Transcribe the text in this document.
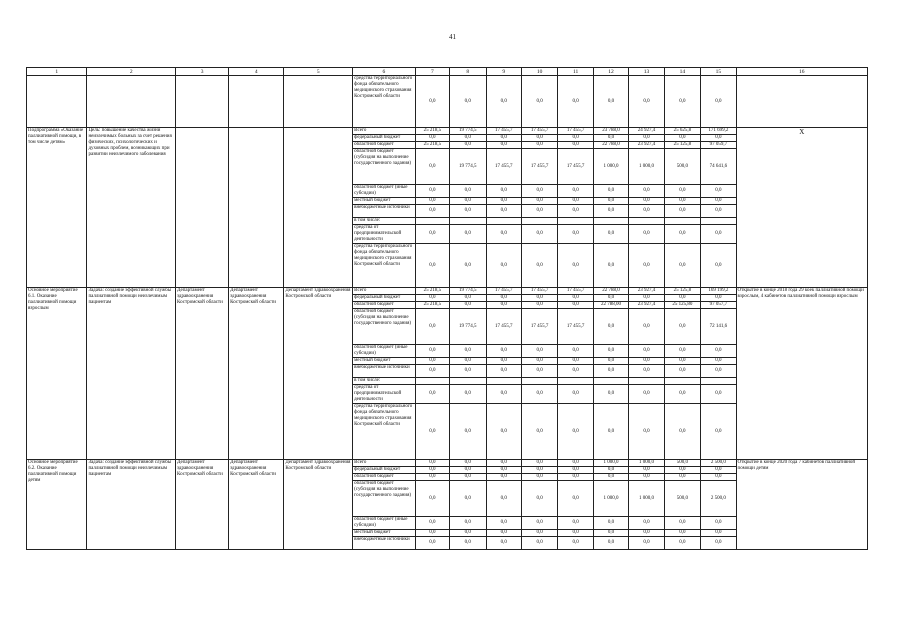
41
1	2	3	4	5	6	7	8	9	10	11	12	13	14	15	16
					средства территориального фонда обязательного медицинского страхования Костромской области	0,0	0,0	0,0	0,0	0,0	0,0	0,0	0,0	0,0	
Подпрограмма «Оказание паллиативной помощи, в том числе детям»	Цель: повышение качества жизни неизлечимых больных за счет решения физических, психологических и духовных проблем, возникающих при развитии неизлечимого заболевания				Всего	25 218,5	19 774,5	17 455,7	17 455,7	17 455,7	23 788,0	24 927,4	25 625,8	171 699,2	X
					федеральный бюджет	0,0	0,0	0,0	0,0	0,0	0,0	0,0	0,0	0,0	
					областной бюджет	25 218,5	0,0	0,0	0,0	0,0	22 788,0	23 927,4	25 125,8	97 059,7	
					областной бюджет (субсидия на выполнение государственного задания)	0,0	19 774,5	17 455,7	17 455,7	17 455,7	1 000,0	1 000,0	500,0	74 641,6	
					областной бюджет (иные субсидии)	0,0	0,0	0,0	0,0	0,0	0,0	0,0	0,0	0,0	
					местный бюджет	0,0	0,0	0,0	0,0	0,0	0,0	0,0	0,0	0,0	
					внебюджетные источники	0,0	0,0	0,0	0,0	0,0	0,0	0,0	0,0	0,0	
					в том числе:										
					средства от предпринимательской деятельности	0,0	0,0	0,0	0,0	0,0	0,0	0,0	0,0	0,0	
					средства территориального фонда обязательного медицинского страхования Костромской области	0,0	0,0	0,0	0,0	0,0	0,0	0,0	0,0	0,0	
Основное мероприятие 6.1. Оказание паллиативной помощи взрослым	Задача: создание эффективной службы паллиативной помощи неизлечимым пациентам	Департамент здравоохранения Костромской области	Департамент здравоохранения Костромской области	Департамент здравоохранения Костромской области	Всего	25 218,5	19 774,5	17 455,7	17 455,7	17 455,7	22 788,0	23 927,4	25 125,8	169 199,2	Открытие в конце 2018 года 29 коек паллиативной помощи взрослым, 4 кабинетов паллиативной помощи взрослым
					федеральный бюджет	0,0	0,0	0,0	0,0	0,0	0,0	0,0	0,0	0,0	
					областной бюджет	25 218,5	0,0	0,0	0,0	0,0	22 788,00	23 927,4	25 125,80	97 057,7	
					областной бюджет (субсидия на выполнение государственного задания)	0,0	19 774,5	17 455,7	17 455,7	17 455,7	0,0	0,0	0,0	72 141,6	
					областной бюджет (иные субсидии)	0,0	0,0	0,0	0,0	0,0	0,0	0,0	0,0	0,0	
					местный бюджет	0,0	0,0	0,0	0,0	0,0	0,0	0,0	0,0	0,0	
					внебюджетные источники	0,0	0,0	0,0	0,0	0,0	0,0	0,0	0,0	0,0	
					в том числе:										
					средства от предпринимательской деятельности	0,0	0,0	0,0	0,0	0,0	0,0	0,0	0,0	0,0	
					средства территориального фонда обязательного медицинского страхования Костромской области	0,0	0,0	0,0	0,0	0,0	0,0	0,0	0,0	0,0	
Основное мероприятие 6.2. Оказание паллиативной помощи детям	Задача: создание эффективной службы паллиативной помощи неизлечимым пациентам	Департамент здравоохранения Костромской области	Департамент здравоохранения Костромской области	Департамент здравоохранения Костромской области	Всего	0,0	0,0	0,0	0,0	0,0	1 000,0	1 000,0	500,0	2 500,0	Открытие в конце 2020 года 7 кабинетов паллиативной помощи детям
					федеральный бюджет	0,0	0,0	0,0	0,0	0,0	0,0	0,0	0,0	0,0	
					областной бюджет	0,0	0,0	0,0	0,0	0,0	0,0	0,0	0,0	0,0	
					областной бюджет (субсидия на выполнение государственного задания)	0,0	0,0	0,0	0,0	0,0	1 000,0	1 000,0	500,0	2 500,0	
					областной бюджет (иные субсидии)	0,0	0,0	0,0	0,0	0,0	0,0	0,0	0,0	0,0	
					местный бюджет	0,0	0,0	0,0	0,0	0,0	0,0	0,0	0,0	0,0	
					внебюджетные источники	0,0	0,0	0,0	0,0	0,0	0,0	0,0	0,0	0,0	
